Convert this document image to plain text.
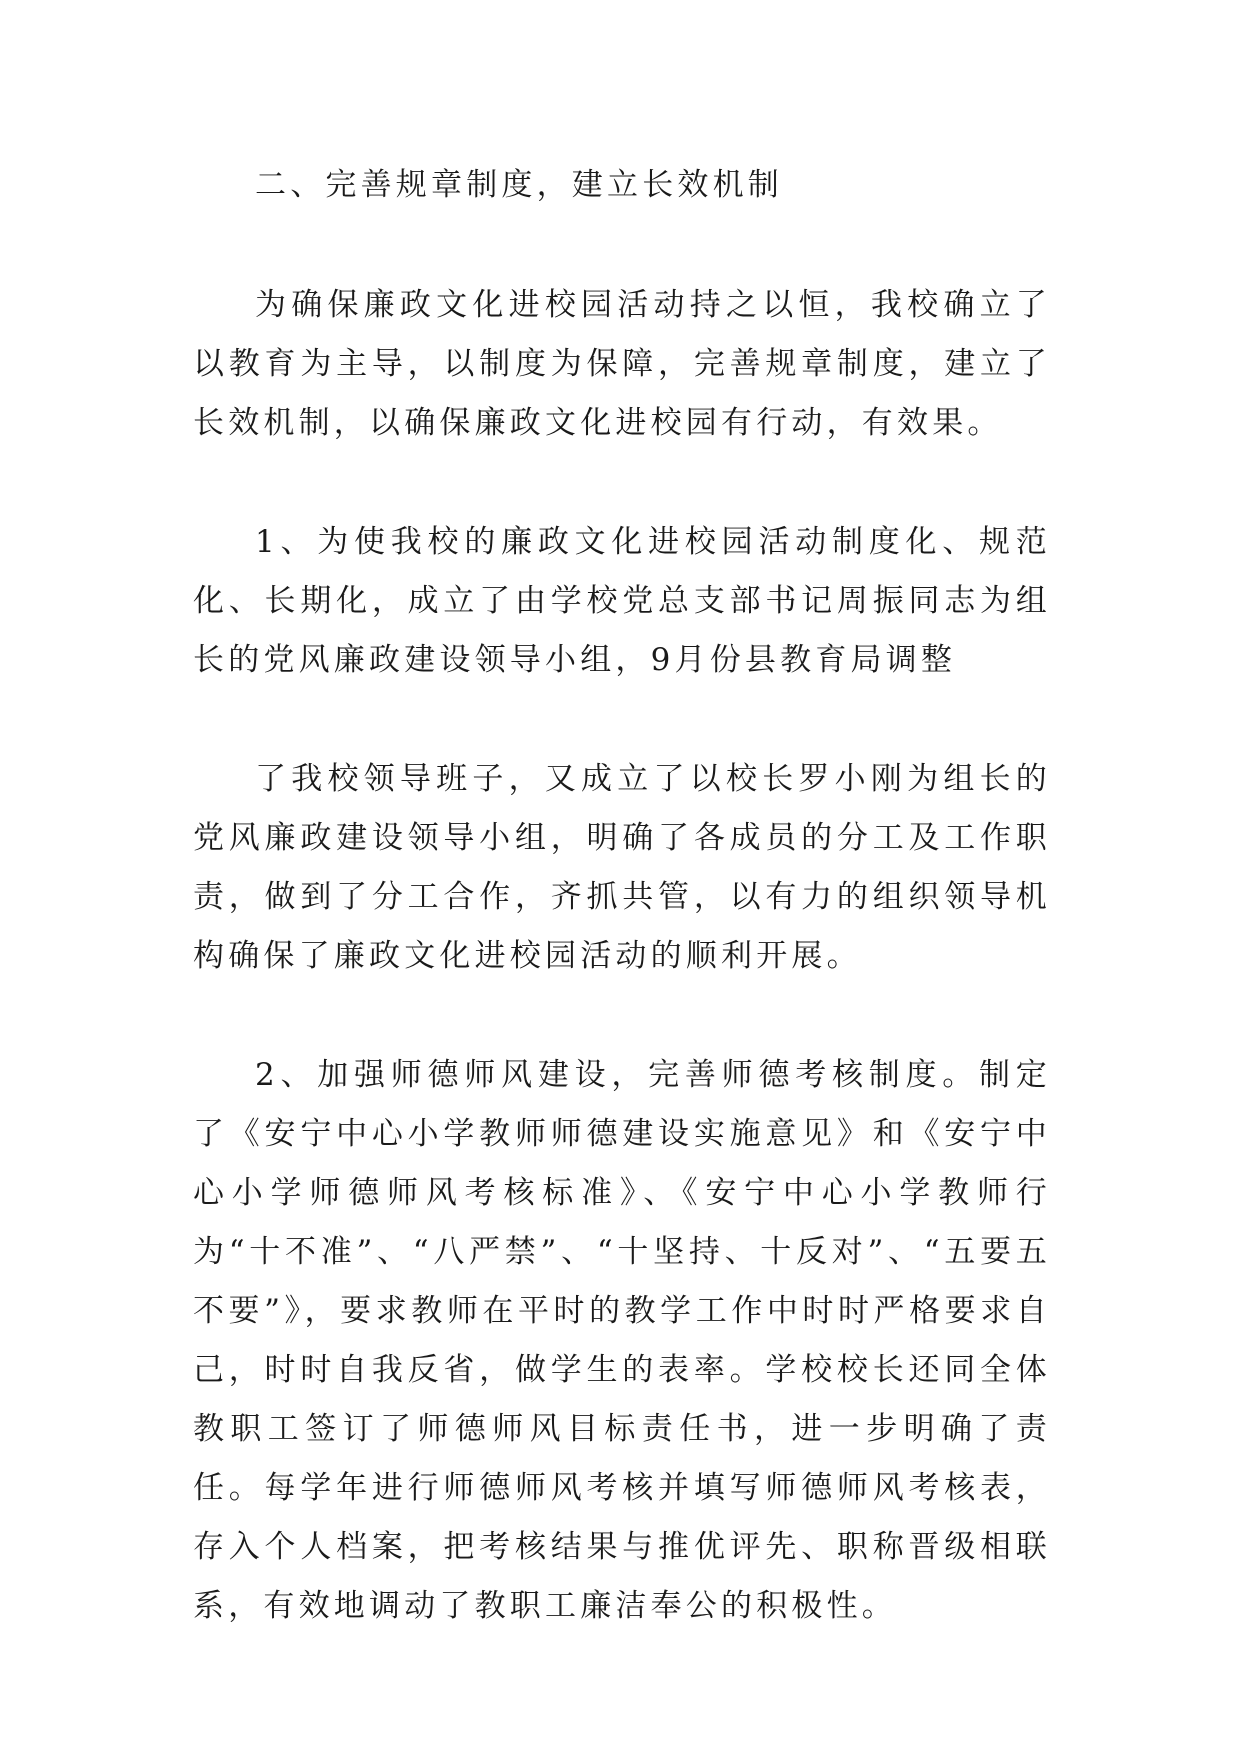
二、完善规章制度，建立长效机制

为确保廉政文化进校园活动持之以恒，我校确立了以教育为主导，以制度为保障，完善规章制度，建立了长效机制，以确保廉政文化进校园有行动，有效果。

1、为使我校的廉政文化进校园活动制度化、规范化、长期化，成立了由学校党总支部书记周振同志为组长的党风廉政建设领导小组，9月份县教育局调整

了我校领导班子，又成立了以校长罗小刚为组长的党风廉政建设领导小组，明确了各成员的分工及工作职责，做到了分工合作，齐抓共管，以有力的组织领导机构确保了廉政文化进校园活动的顺利开展。

2、加强师德师风建设，完善师德考核制度。制定了《安宁中心小学教师师德建设实施意见》和《安宁中心小学师德师风考核标准》、《安宁中心小学教师行为“十不准”、“八严禁”、“十坚持、十反对”、“五要五不要”》，要求教师在平时的教学工作中时时严格要求自己，时时自我反省，做学生的表率。学校校长还同全体教职工签订了师德师风目标责任书，进一步明确了责任。每学年进行师德师风考核并填写师德师风考核表，存入个人档案，把考核结果与推优评先、职称晋级相联系，有效地调动了教职工廉洁奉公的积极性。
